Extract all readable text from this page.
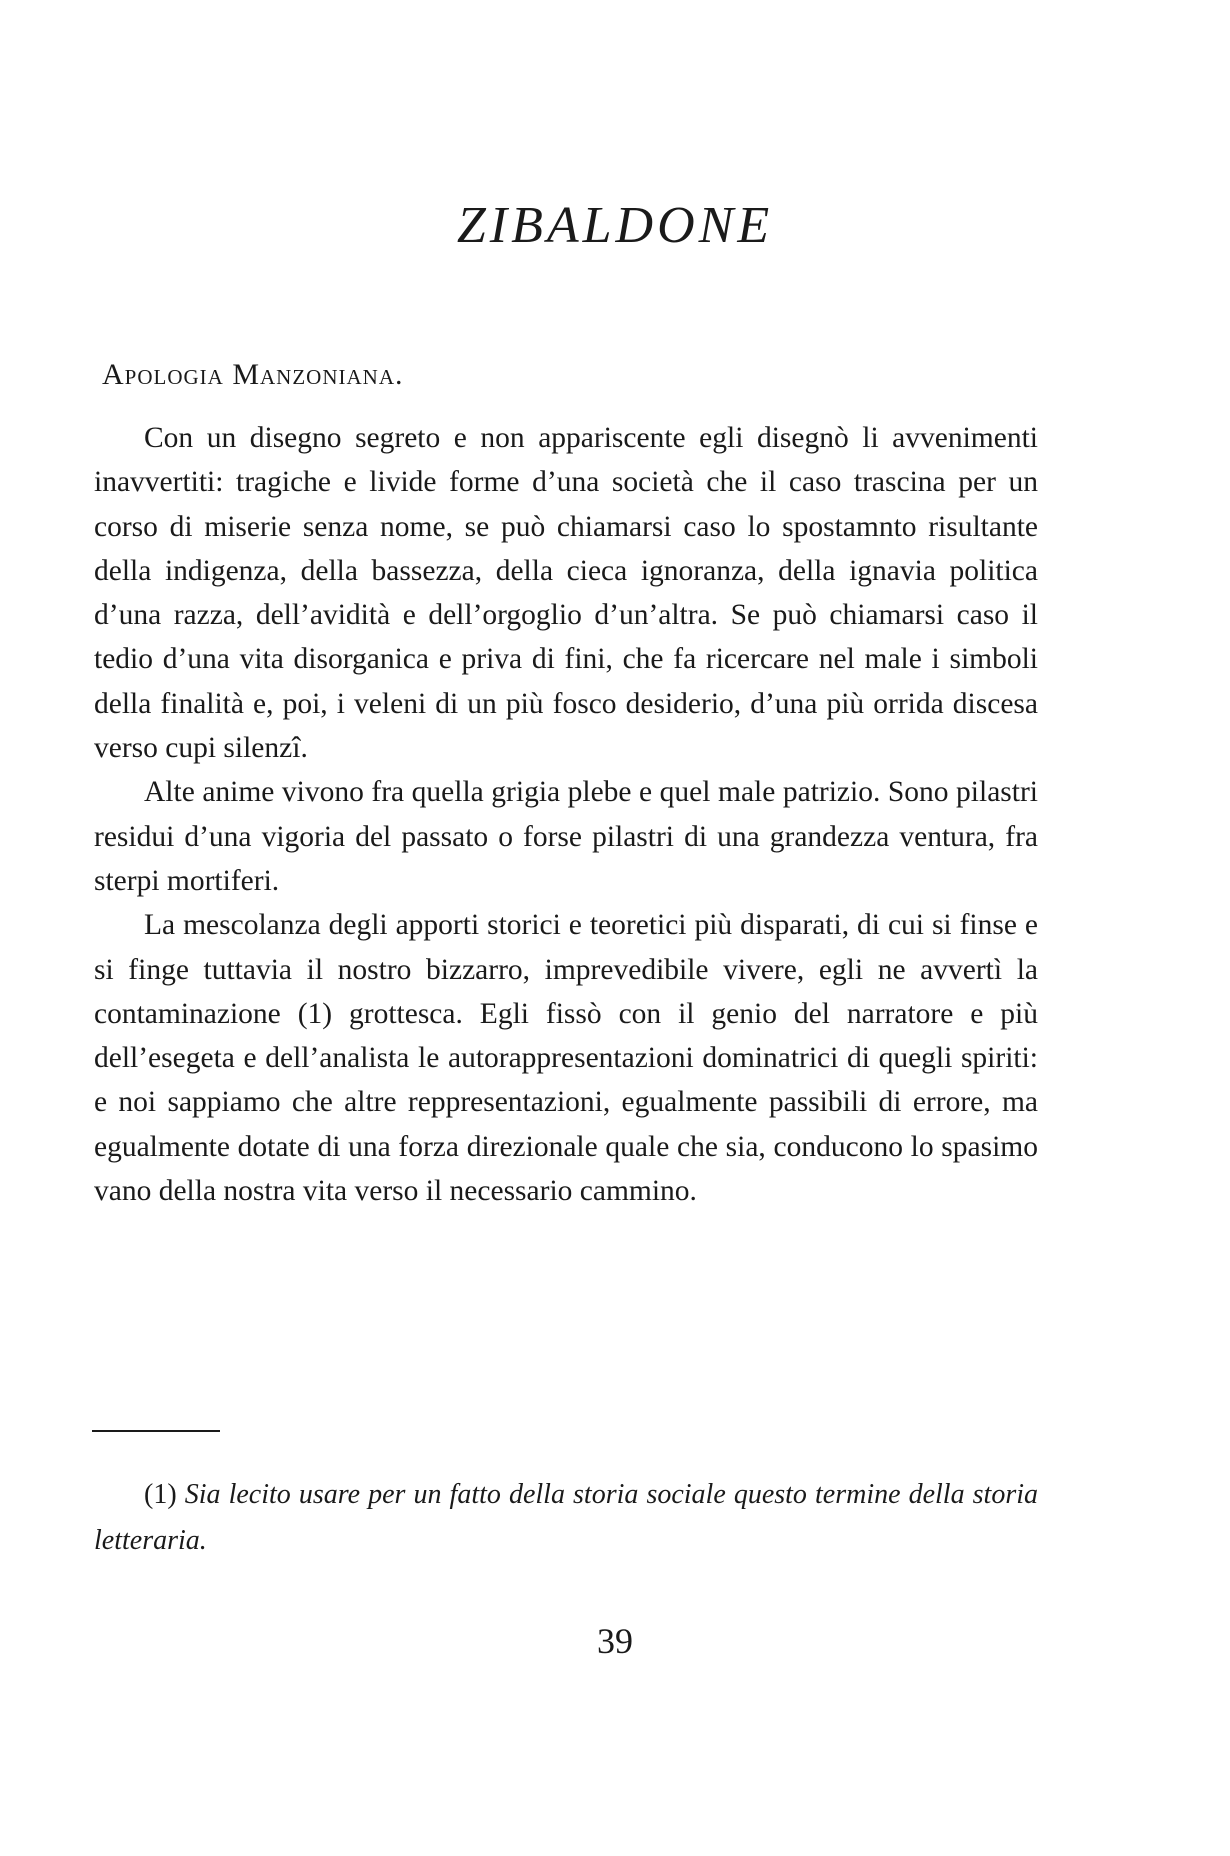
ZIBALDONE
Apologia Manzoniana.

Con un disegno segreto e non appariscente egli disegnò li avvenimenti inavvertiti: tragiche e livide forme d’una società che il caso trascina per un corso di miserie senza nome, se può chiamarsi caso lo spostamnto risultante della indigenza, della bassezza, della cieca ignoranza, della ignavia politica d’una razza, dell’avidità e dell’orgoglio d’un’altra. Se può chiamarsi caso il tedio d’una vita disorganica e priva di fini, che fa ricercare nel male i simboli della finalità e, poi, i veleni di un più fosco desiderio, d’una più orrida discesa verso cupi silenzî.

Alte anime vivono fra quella grigia plebe e quel male patrizio. Sono pilastri residui d’una vigoria del passato o forse pilastri di una grandezza ventura, fra sterpi mortiferi.

La mescolanza degli apporti storici e teoretici più disparati, di cui si finse e si finge tuttavia il nostro bizzarro, imprevedibile vivere, egli ne avvertì la contaminazione (1) grottesca. Egli fissò con il genio del narratore e più dell’esegeta e dell’analista le autorappresentazioni dominatrici di quegli spiriti: e noi sappiamo che altre reppresentazioni, egualmente passibili di errore, ma egualmente dotate di una forza direzionale quale che sia, conducono lo spasimo vano della nostra vita verso il necessario cammino.

(1) Sia lecito usare per un fatto della storia sociale questo termine della storia letteraria.

39
